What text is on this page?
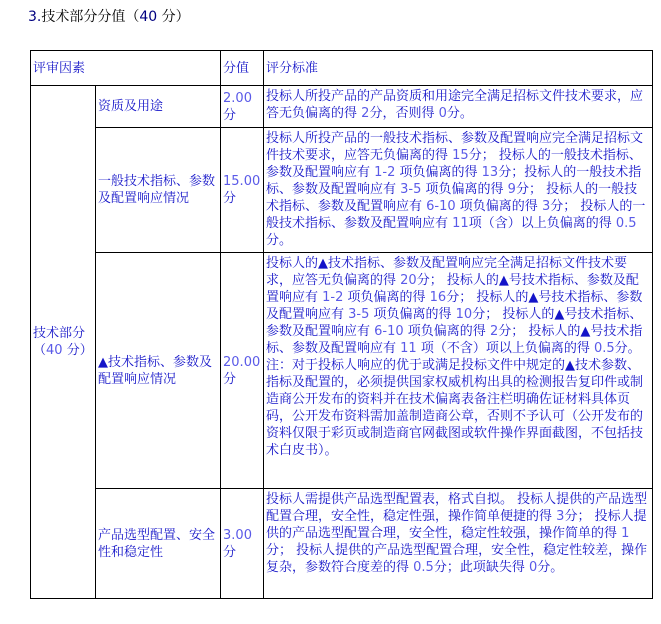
3.技术部分分值（40 分）
评审因素		分值	评分标准
技术部分（40 分）	资质及用途	2.00 分	投标人所投产品的产品资质和用途完全满足招标文件技术要求，应答无负偏离的得 2分，否则得 0分。

	一般技术指标、参数及配置响应情况	15.00 分	投标人所投产品的一般技术指标、参数及配置响应完全满足招标文件技术要求，应答无负偏离的得 15分； 投标人的一般技术指标、参数及配置响应有 1-2 项负偏离的得 13分；投标人的一般技术指标、参数及配置响应有 3-5 项负偏离的得 9分； 投标人的一般技术指标、参数及配置响应有 6-10 项负偏离的得 3分； 投标人的一般技术指标、参数及配置响应有 11项（含）以上负偏离的得 0.5分。

	▲技术指标、参数及配置响应情况	20.00 分	投标人的▲技术指标、参数及配置响应完全满足招标文件技术要求，应答无负偏离的得 20分； 投标人的▲号技术指标、参数及配置响应有 1-2 项负偏离的得 16分； 投标人的▲号技术指标、参数及配置响应有 3-5 项负偏离的得 10分； 投标人的▲号技术指标、参数及配置响应有 6-10 项负偏离的得 2分； 投标人的▲号技术指标、参数及配置响应有 11 项（不含）项以上负偏离的得 0.5分。 注：对于投标人响应的优于或满足投标文件中规定的▲技术参数、指标及配置的，必须提供国家权威机构出具的检测报告复印件或制造商公开发布的资料并在技术偏离表备注栏明确佐证材料具体页码，公开发布资料需加盖制造商公章，否则不予认可（公开发布的资料仅限于彩页或制造商官网截图或软件操作界面截图，不包括技术白皮书）。

	产品选型配置、安全性和稳定性	3.00 分	投标人需提供产品选型配置表，格式自拟。 投标人提供的产品选型配置合理，安全性，稳定性强，操作简单便捷的得 3分； 投标人提供的产品选型配置合理，安全性，稳定性较强，操作简单的得 1分； 投标人提供的产品选型配置合理，安全性，稳定性较差，操作复杂，参数符合度差的得 0.5分；此项缺失得 0分。
